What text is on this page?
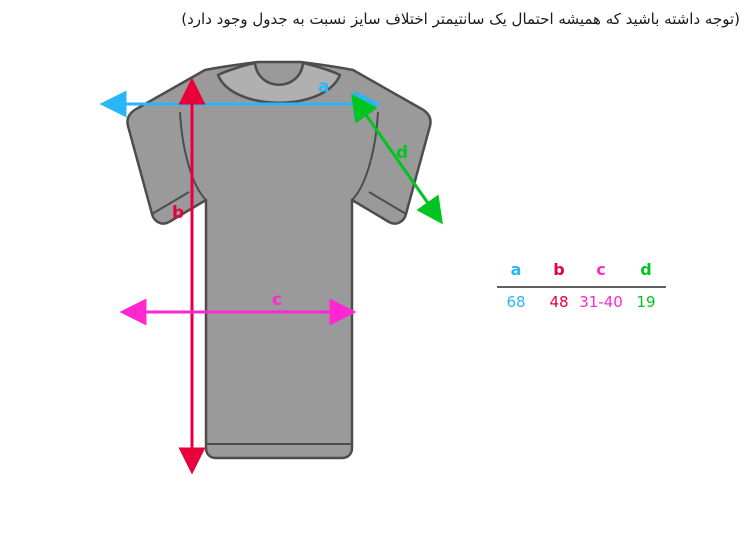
(توجه داشته باشید که همیشه احتمال یک سانتیمتر اختلاف سایز نسبت به جدول وجود دارد)
a
b
c
d
a b c d
68 48 31-40 19
